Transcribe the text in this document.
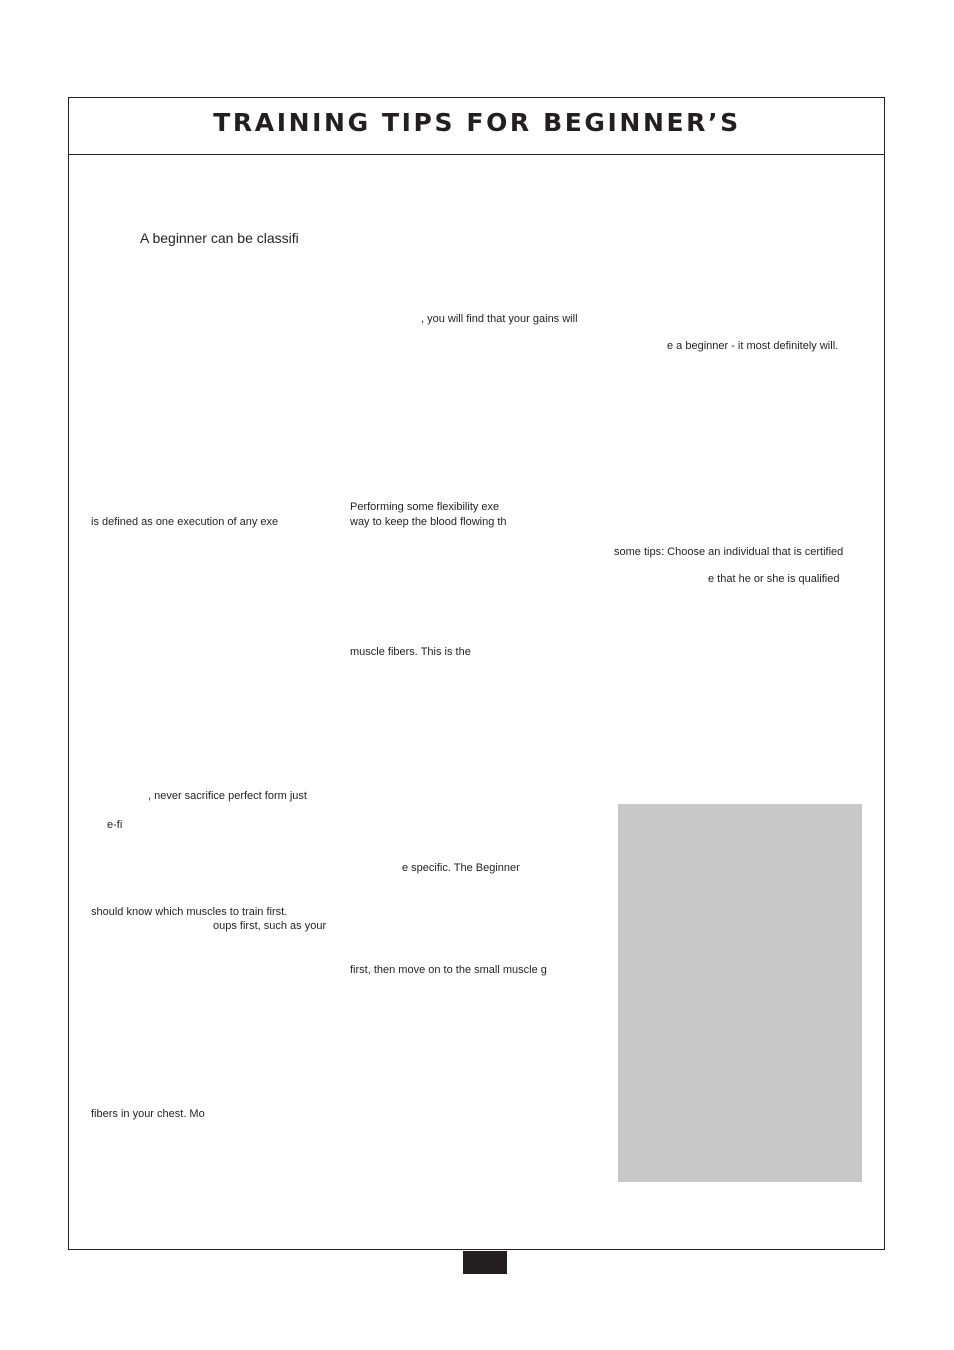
TRAINING TIPS FOR BEGINNER’S

A beginner can be classifi

, you will find that your gains will

e a beginner - it most definitely will.

Performing some flexibility exe

is defined as one execution of any exe	way to keep the blood flowing th

some tips: Choose an individual that is certified

e that he or she is qualified

muscle fibers. This is the

, never sacrifice perfect form just

e-fi

e specific. The Beginner

should know which muscles to train first.

oups first, such as your

first, then move on to the small muscle g

fibers in your chest. Mo
